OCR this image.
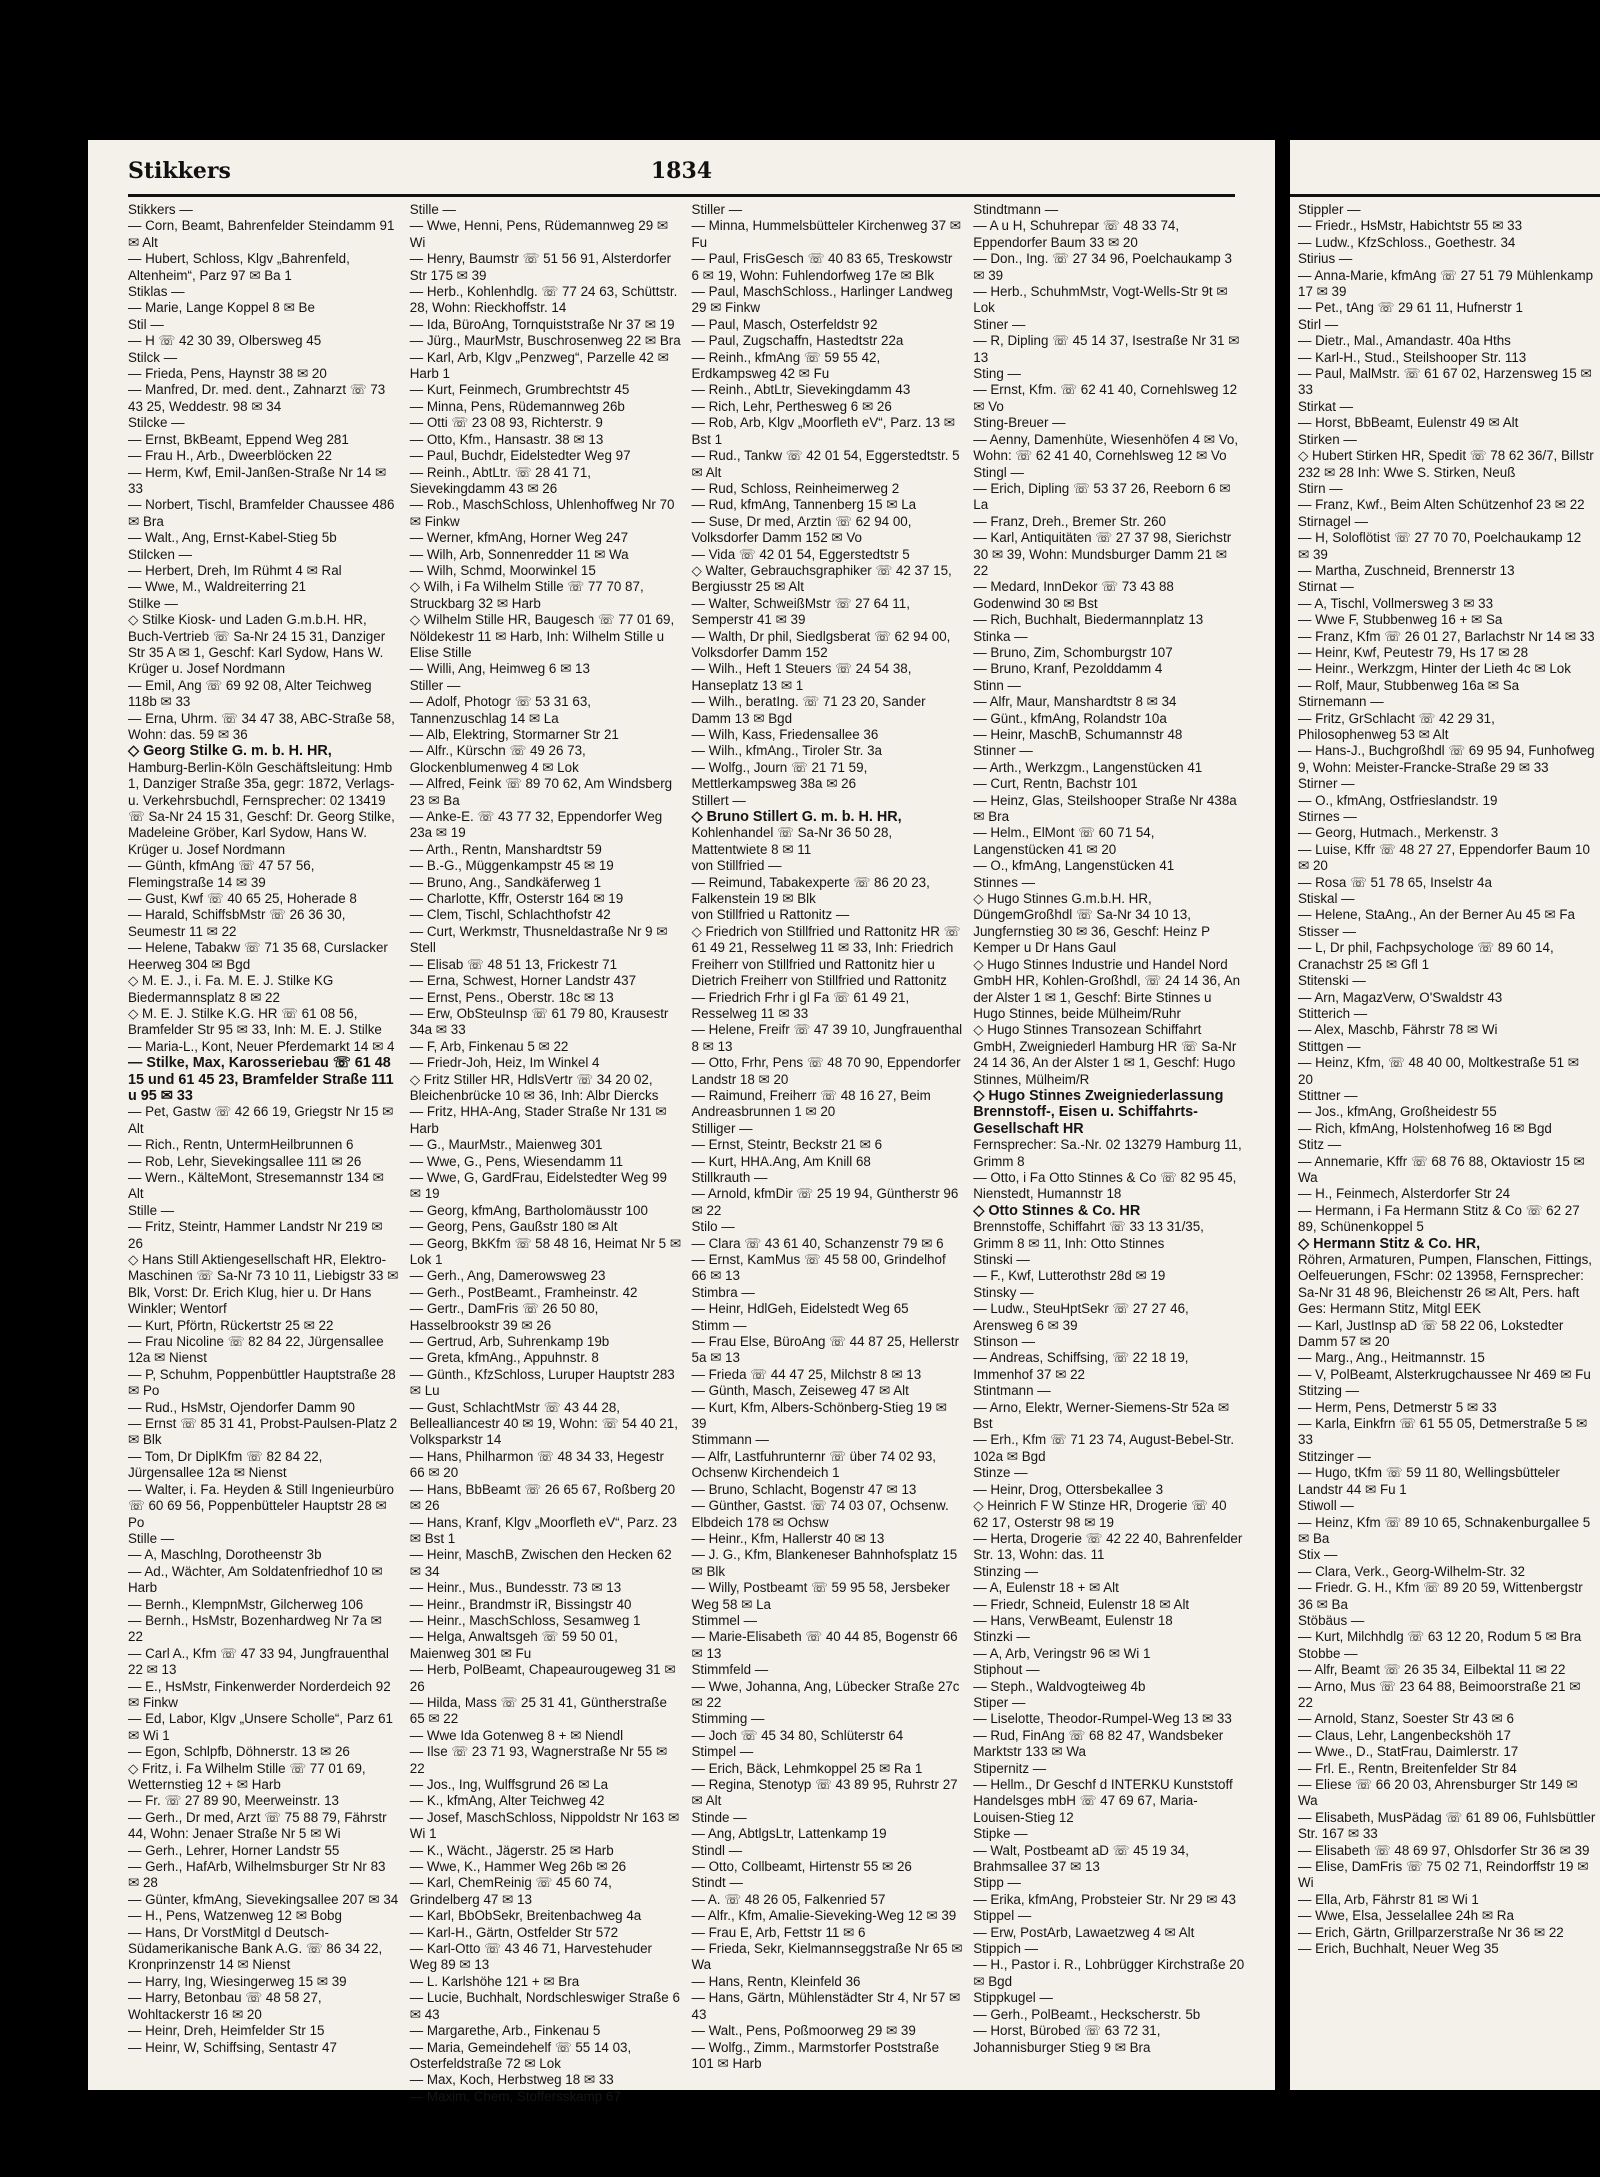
Stikkers	1834

Stikkers —

— Corn, Beamt, Bahrenfelder Steindamm 91 ✉ Alt

— Hubert, Schloss, Klgv „Bahrenfeld, Altenheim“, Parz 97 ✉ Ba 1

Stiklas —

— Marie, Lange Koppel 8 ✉ Be

Stil —

— H ☏ 42 30 39, Olbersweg 45

Stilck —

— Frieda, Pens, Haynstr 38 ✉ 20

— Manfred, Dr. med. dent., Zahnarzt ☏ 73 43 25, Weddestr. 98 ✉ 34

Stilcke —

— Ernst, BkBeamt, Eppend Weg 281

— Frau H., Arb., Dweerblöcken 22

— Herm, Kwf, Emil-Janßen-Straße Nr 14 ✉ 33

— Norbert, Tischl, Bramfelder Chaussee 486 ✉ Bra

— Walt., Ang, Ernst-Kabel-Stieg 5b

Stilcken —

— Herbert, Dreh, Im Rühmt 4 ✉ Ral

— Wwe, M., Waldreiterring 21

Stilke —

◇ Stilke Kiosk- und Laden G.m.b.H. HR, Buch-Vertrieb ☏ Sa-Nr 24 15 31, Danziger Str 35 A ✉ 1, Geschf: Karl Sydow, Hans W. Krüger u. Josef Nordmann

— Emil, Ang ☏ 69 92 08, Alter Teichweg 118b ✉ 33

— Erna, Uhrm. ☏ 34 47 38, ABC-Straße 58, Wohn: das. 59 ✉ 36

◇ Georg Stilke G. m. b. H. HR,

Hamburg-Berlin-Köln Geschäftsleitung: Hmb 1, Danziger Straße 35a, gegr: 1872, Verlags- u. Verkehrsbuchdl, Fernsprecher: 02 13419 ☏ Sa-Nr 24 15 31, Geschf: Dr. Georg Stilke, Madeleine Gröber, Karl Sydow, Hans W. Krüger u. Josef Nordmann

— Günth, kfmAng ☏ 47 57 56, Flemingstraße 14 ✉ 39

— Gust, Kwf ☏ 40 65 25, Hoherade 8

— Harald, SchiffsbMstr ☏ 26 36 30, Seumestr 11 ✉ 22

— Helene, Tabakw ☏ 71 35 68, Curslacker Heerweg 304 ✉ Bgd

◇ M. E. J., i. Fa. M. E. J. Stilke KG Biedermannsplatz 8 ✉ 22

◇ M. E. J. Stilke K.G. HR ☏ 61 08 56, Bramfelder Str 95 ✉ 33, Inh: M. E. J. Stilke

— Maria-L., Kont, Neuer Pferdemarkt 14 ✉ 4

— Stilke, Max, Karosseriebau ☏ 61 48 15 und 61 45 23, Bramfelder Straße 111 u 95 ✉ 33

— Pet, Gastw ☏ 42 66 19, Griegstr Nr 15 ✉ Alt

— Rich., Rentn, UntermHeilbrunnen 6

— Rob, Lehr, Sievekingsallee 111 ✉ 26

— Wern., KälteMont, Stresemannstr 134 ✉ Alt

Stille —

— Fritz, Steintr, Hammer Landstr Nr 219 ✉ 26

◇ Hans Still Aktiengesellschaft HR, Elektro-Maschinen ☏ Sa-Nr 73 10 11, Liebigstr 33 ✉ Blk, Vorst: Dr. Erich Klug, hier u. Dr Hans Winkler; Wentorf

— Kurt, Pförtn, Rückertstr 25 ✉ 22

— Frau Nicoline ☏ 82 84 22, Jürgensallee 12a ✉ Nienst

— P, Schuhm, Poppenbüttler Hauptstraße 28 ✉ Po

— Rud., HsMstr, Ojendorfer Damm 90

— Ernst ☏ 85 31 41, Probst-Paulsen-Platz 2 ✉ Blk

— Tom, Dr DiplKfm ☏ 82 84 22, Jürgensallee 12a ✉ Nienst

— Walter, i. Fa. Heyden & Still Ingenieurbüro ☏ 60 69 56, Poppenbütteler Hauptstr 28 ✉ Po

Stille —

— A, Maschlng, Dorotheenstr 3b

— Ad., Wächter, Am Soldatenfriedhof 10 ✉ Harb

— Bernh., KlempnMstr, Gilcherweg 106

— Bernh., HsMstr, Bozenhardweg Nr 7a ✉ 22

— Carl A., Kfm ☏ 47 33 94, Jungfrauenthal 22 ✉ 13

— E., HsMstr, Finkenwerder Norderdeich 92 ✉ Finkw

— Ed, Labor, Klgv „Unsere Scholle“, Parz 61 ✉ Wi 1

— Egon, Schlpfb, Döhnerstr. 13 ✉ 26

◇ Fritz, i. Fa Wilhelm Stille ☏ 77 01 69, Wetternstieg 12 + ✉ Harb

— Fr. ☏ 27 89 90, Meerweinstr. 13

— Gerh., Dr med, Arzt ☏ 75 88 79, Fährstr 44, Wohn: Jenaer Straße Nr 5 ✉ Wi

— Gerh., Lehrer, Horner Landstr 55

— Gerh., HafArb, Wilhelmsburger Str Nr 83 ✉ 28

— Günter, kfmAng, Sievekingsallee 207 ✉ 34

— H., Pens, Watzenweg 12 ✉ Bobg

— Hans, Dr VorstMitgl d Deutsch-Südamerikanische Bank A.G. ☏ 86 34 22, Kronprinzenstr 14 ✉ Nienst

— Harry, Ing, Wiesingerweg 15 ✉ 39

— Harry, Betonbau ☏ 48 58 27, Wohltackerstr 16 ✉ 20

— Heinr, Dreh, Heimfelder Str 15

— Heinr, W, Schiffsing, Sentastr 47

Stille —

— Wwe, Henni, Pens, Rüdemannweg 29 ✉ Wi

— Henry, Baumstr ☏ 51 56 91, Alsterdorfer Str 175 ✉ 39

— Herb., Kohlenhdlg. ☏ 77 24 63, Schüttstr. 28, Wohn: Rieckhoffstr. 14

— Ida, BüroAng, Tornquiststraße Nr 37 ✉ 19

— Jürg., MaurMstr, Buschrosenweg 22 ✉ Bra

— Karl, Arb, Klgv „Penzweg“, Parzelle 42 ✉ Harb 1

— Kurt, Feinmech, Grumbrechtstr 45

— Minna, Pens, Rüdemannweg 26b

— Otti ☏ 23 08 93, Richterstr. 9

— Otto, Kfm., Hansastr. 38 ✉ 13

— Paul, Buchdr, Eidelstedter Weg 97

— Reinh., AbtLtr. ☏ 28 41 71, Sievekingdamm 43 ✉ 26

— Rob., MaschSchloss, Uhlenhoffweg Nr 70 ✉ Finkw

— Werner, kfmAng, Horner Weg 247

— Wilh, Arb, Sonnenredder 11 ✉ Wa

— Wilh, Schmd, Moorwinkel 15

◇ Wilh, i Fa Wilhelm Stille ☏ 77 70 87, Struckbarg 32 ✉ Harb

◇ Wilhelm Stille HR, Baugesch ☏ 77 01 69, Nöldekestr 11 ✉ Harb, Inh: Wilhelm Stille u Elise Stille

— Willi, Ang, Heimweg 6 ✉ 13

Stiller —

— Adolf, Photogr ☏ 53 31 63, Tannenzuschlag 14 ✉ La

— Alb, Elektring, Stormarner Str 21

— Alfr., Kürschn ☏ 49 26 73, Glockenblumenweg 4 ✉ Lok

— Alfred, Feink ☏ 89 70 62, Am Windsberg 23 ✉ Ba

— Anke-E. ☏ 43 77 32, Eppendorfer Weg 23a ✉ 19

— Arth., Rentn, Manshardtstr 59

— B.-G., Müggenkampstr 45 ✉ 19

— Bruno, Ang., Sandkäferweg 1

— Charlotte, Kffr, Osterstr 164 ✉ 19

— Clem, Tischl, Schlachthofstr 42

— Curt, Werkmstr, Thusneldastraße Nr 9 ✉ Stell

— Elisab ☏ 48 51 13, Frickestr 71

— Erna, Schwest, Horner Landstr 437

— Ernst, Pens., Oberstr. 18c ✉ 13

— Erw, ObSteuInsp ☏ 61 79 80, Krausestr 34a ✉ 33

— F, Arb, Finkenau 5 ✉ 22

— Friedr-Joh, Heiz, Im Winkel 4

◇ Fritz Stiller HR, HdlsVertr ☏ 34 20 02, Bleichenbrücke 10 ✉ 36, Inh: Albr Diercks

— Fritz, HHA-Ang, Stader Straße Nr 131 ✉ Harb

— G., MaurMstr., Maienweg 301

— Wwe, G., Pens, Wiesendamm 11

— Wwe, G, GardFrau, Eidelstedter Weg 99 ✉ 19

— Georg, kfmAng, Bartholomäusstr 100

— Georg, Pens, Gaußstr 180 ✉ Alt

— Georg, BkKfm ☏ 58 48 16, Heimat Nr 5 ✉ Lok 1

— Gerh., Ang, Damerowsweg 23

— Gerh., PostBeamt., Framheinstr. 42

— Gertr., DamFris ☏ 26 50 80, Hasselbrookstr 39 ✉ 26

— Gertrud, Arb, Suhrenkamp 19b

— Greta, kfmAng., Appuhnstr. 8

— Günth., KfzSchloss, Luruper Hauptstr 283 ✉ Lu

— Gust, SchlachtMstr ☏ 43 44 28, Bellealliancestr 40 ✉ 19, Wohn: ☏ 54 40 21, Volksparkstr 14

— Hans, Philharmon ☏ 48 34 33, Hegestr 66 ✉ 20

— Hans, BbBeamt ☏ 26 65 67, Roßberg 20 ✉ 26

— Hans, Kranf, Klgv „Moorfleth eV“, Parz. 23 ✉ Bst 1

— Heinr, MaschB, Zwischen den Hecken 62 ✉ 34

— Heinr., Mus., Bundesstr. 73 ✉ 13

— Heinr., Brandmstr iR, Bissingstr 40

— Heinr., MaschSchloss, Sesamweg 1

— Helga, Anwaltsgeh ☏ 59 50 01, Maienweg 301 ✉ Fu

— Herb, PolBeamt, Chapeaurougeweg 31 ✉ 26

— Hilda, Mass ☏ 25 31 41, Güntherstraße 65 ✉ 22

— Wwe Ida Gotenweg 8 + ✉ Niendl

— Ilse ☏ 23 71 93, Wagnerstraße Nr 55 ✉ 22

— Jos., Ing, Wulffsgrund 26 ✉ La

— K., kfmAng, Alter Teichweg 42

— Josef, MaschSchloss, Nippoldstr Nr 163 ✉ Wi 1

— K., Wächt., Jägerstr. 25 ✉ Harb

— Wwe, K., Hammer Weg 26b ✉ 26

— Karl, ChemReinig ☏ 45 60 74, Grindelberg 47 ✉ 13

— Karl, BbObSekr, Breitenbachweg 4a

— Karl-H., Gärtn, Ostfelder Str 572

— Karl-Otto ☏ 43 46 71, Harvestehuder Weg 89 ✉ 13

— L. Karlshöhe 121 + ✉ Bra

— Lucie, Buchhalt, Nordschleswiger Straße 6 ✉ 43

— Margarethe, Arb., Finkenau 5

— Maria, Gemeindehelf ☏ 55 14 03, Osterfeldstraße 72 ✉ Lok

— Max, Koch, Herbstweg 18 ✉ 33

— Maxim, Chem, Stoffersskamp 67

Stiller —

— Minna, Hummelsbütteler Kirchenweg 37 ✉ Fu

— Paul, FrisGesch ☏ 40 83 65, Treskowstr 6 ✉ 19, Wohn: Fuhlendorfweg 17e ✉ Blk

— Paul, MaschSchloss., Harlinger Landweg 29 ✉ Finkw

— Paul, Masch, Osterfeldstr 92

— Paul, Zugschaffn, Hastedtstr 22a

— Reinh., kfmAng ☏ 59 55 42, Erdkampsweg 42 ✉ Fu

— Reinh., AbtLtr, Sievekingdamm 43

— Rich, Lehr, Perthesweg 6 ✉ 26

— Rob, Arb, Klgv „Moorfleth eV“, Parz. 13 ✉ Bst 1

— Rud., Tankw ☏ 42 01 54, Eggerstedtstr. 5 ✉ Alt

— Rud, Schloss, Reinheimerweg 2

— Rud, kfmAng, Tannenberg 15 ✉ La

— Suse, Dr med, Arztin ☏ 62 94 00, Volksdorfer Damm 152 ✉ Vo

— Vida ☏ 42 01 54, Eggerstedtstr 5

◇ Walter, Gebrauchsgraphiker ☏ 42 37 15, Bergiusstr 25 ✉ Alt

— Walter, SchweißMstr ☏ 27 64 11, Semperstr 41 ✉ 39

— Walth, Dr phil, Siedlgsberat ☏ 62 94 00, Volksdorfer Damm 152

— Wilh., Heft 1 Steuers ☏ 24 54 38, Hanseplatz 13 ✉ 1

— Wilh., beratIng. ☏ 71 23 20, Sander Damm 13 ✉ Bgd

— Wilh, Kass, Friedensallee 36

— Wilh., kfmAng., Tiroler Str. 3a

— Wolfg., Journ ☏ 21 71 59, Mettlerkampsweg 38a ✉ 26

Stillert —

◇ Bruno Stillert G. m. b. H. HR,

Kohlenhandel ☏ Sa-Nr 36 50 28, Mattentwiete 8 ✉ 11

von Stillfried —

— Reimund, Tabakexperte ☏ 86 20 23, Falkenstein 19 ✉ Blk

von Stillfried u Rattonitz —

◇ Friedrich von Stillfried und Rattonitz HR ☏ 61 49 21, Resselweg 11 ✉ 33, Inh: Friedrich Freiherr von Stillfried und Rattonitz hier u Dietrich Freiherr von Stillfried und Rattonitz

— Friedrich Frhr i gl Fa ☏ 61 49 21, Resselweg 11 ✉ 33

— Helene, Freifr ☏ 47 39 10, Jungfrauenthal 8 ✉ 13

— Otto, Frhr, Pens ☏ 48 70 90, Eppendorfer Landstr 18 ✉ 20

— Raimund, Freiherr ☏ 48 16 27, Beim Andreasbrunnen 1 ✉ 20

Stilliger —

— Ernst, Steintr, Beckstr 21 ✉ 6

— Kurt, HHA.Ang, Am Knill 68

Stillkrauth —

— Arnold, kfmDir ☏ 25 19 94, Güntherstr 96 ✉ 22

Stilo —

— Clara ☏ 43 61 40, Schanzenstr 79 ✉ 6

— Ernst, KamMus ☏ 45 58 00, Grindelhof 66 ✉ 13

Stimbra —

— Heinr, HdlGeh, Eidelstedt Weg 65

Stimm —

— Frau Else, BüroAng ☏ 44 87 25, Hellerstr 5a ✉ 13

— Frieda ☏ 44 47 25, Milchstr 8 ✉ 13

— Günth, Masch, Zeiseweg 47 ✉ Alt

— Kurt, Kfm, Albers-Schönberg-Stieg 19 ✉ 39

Stimmann —

— Alfr, Lastfuhrunternr ☏ über 74 02 93, Ochsenw Kirchendeich 1

— Bruno, Schlacht, Bogenstr 47 ✉ 13

— Günther, Gastst. ☏ 74 03 07, Ochsenw. Elbdeich 178 ✉ Ochsw

— Heinr., Kfm, Hallerstr 40 ✉ 13

— J. G., Kfm, Blankeneser Bahnhofsplatz 15 ✉ Blk

— Willy, Postbeamt ☏ 59 95 58, Jersbeker Weg 58 ✉ La

Stimmel —

— Marie-Elisabeth ☏ 40 44 85, Bogenstr 66 ✉ 13

Stimmfeld —

— Wwe, Johanna, Ang, Lübecker Straße 27c ✉ 22

Stimming —

— Joch ☏ 45 34 80, Schlüterstr 64

Stimpel —

— Erich, Bäck, Lehmkoppel 25 ✉ Ra 1

— Regina, Stenotyp ☏ 43 89 95, Ruhrstr 27 ✉ Alt

Stinde —

— Ang, AbtlgsLtr, Lattenkamp 19

Stindl —

— Otto, Collbeamt, Hirtenstr 55 ✉ 26

Stindt —

— A. ☏ 48 26 05, Falkenried 57

— Alfr., Kfm, Amalie-Sieveking-Weg 12 ✉ 39

— Frau E, Arb, Fettstr 11 ✉ 6

— Frieda, Sekr, Kielmannseggstraße Nr 65 ✉ Wa

— Hans, Rentn, Kleinfeld 36

— Hans, Gärtn, Mühlenstädter Str 4, Nr 57 ✉ 43

— Walt., Pens, Poßmoorweg 29 ✉ 39

— Wolfg., Zimm., Marmstorfer Poststraße 101 ✉ Harb

Stindtmann —

— A u H, Schuhrepar ☏ 48 33 74, Eppendorfer Baum 33 ✉ 20

— Don., Ing. ☏ 27 34 96, Poelchaukamp 3 ✉ 39

— Herb., SchuhmMstr, Vogt-Wells-Str 9t ✉ Lok

Stiner —

— R, Dipling ☏ 45 14 37, Isestraße Nr 31 ✉ 13

Sting —

— Ernst, Kfm. ☏ 62 41 40, Cornehlsweg 12 ✉ Vo

Sting-Breuer —

— Aenny, Damenhüte, Wiesenhöfen 4 ✉ Vo, Wohn: ☏ 62 41 40, Cornehlsweg 12 ✉ Vo

Stingl —

— Erich, Dipling ☏ 53 37 26, Reeborn 6 ✉ La

— Franz, Dreh., Bremer Str. 260

— Karl, Antiquitäten ☏ 27 37 98, Sierichstr 30 ✉ 39, Wohn: Mundsburger Damm 21 ✉ 22

— Medard, InnDekor ☏ 73 43 88 Godenwind 30 ✉ Bst

— Rich, Buchhalt, Biedermannplatz 13

Stinka —

— Bruno, Zim, Schomburgstr 107

— Bruno, Kranf, Pezolddamm 4

Stinn —

— Alfr, Maur, Manshardtstr 8 ✉ 34

— Günt., kfmAng, Rolandstr 10a

— Heinr, MaschB, Schumannstr 48

Stinner —

— Arth., Werkzgm., Langenstücken 41

— Curt, Rentn, Bachstr 101

— Heinz, Glas, Steilshooper Straße Nr 438a ✉ Bra

— Helm., ElMont ☏ 60 71 54, Langenstücken 41 ✉ 20

— O., kfmAng, Langenstücken 41

Stinnes —

◇ Hugo Stinnes G.m.b.H. HR, DüngemGroßhdl ☏ Sa-Nr 34 10 13, Jungfernstieg 30 ✉ 36, Geschf: Heinz P Kemper u Dr Hans Gaul

◇ Hugo Stinnes Industrie und Handel Nord GmbH HR, Kohlen-Großhdl, ☏ 24 14 36, An der Alster 1 ✉ 1, Geschf: Birte Stinnes u Hugo Stinnes, beide Mülheim/Ruhr

◇ Hugo Stinnes Transozean Schiffahrt GmbH, Zweigniederl Hamburg HR ☏ Sa-Nr 24 14 36, An der Alster 1 ✉ 1, Geschf: Hugo Stinnes, Mülheim/R

◇ Hugo Stinnes Zweigniederlassung Brennstoff-, Eisen u. Schiffahrts-Gesellschaft HR

Fernsprecher: Sa.-Nr. 02 13279 Hamburg 11, Grimm 8

— Otto, i Fa Otto Stinnes & Co ☏ 82 95 45, Nienstedt, Humannstr 18

◇ Otto Stinnes & Co. HR

Brennstoffe, Schiffahrt ☏ 33 13 31/35, Grimm 8 ✉ 11, Inh: Otto Stinnes

Stinski —

— F., Kwf, Lutterothstr 28d ✉ 19

Stinsky —

— Ludw., SteuHptSekr ☏ 27 27 46, Arensweg 6 ✉ 39

Stinson —

— Andreas, Schiffsing, ☏ 22 18 19, Immenhof 37 ✉ 22

Stintmann —

— Arno, Elektr, Werner-Siemens-Str 52a ✉ Bst

— Erh., Kfm ☏ 71 23 74, August-Bebel-Str. 102a ✉ Bgd

Stinze —

— Heinr, Drog, Ottersbekallee 3

◇ Heinrich F W Stinze HR, Drogerie ☏ 40 62 17, Osterstr 98 ✉ 19

— Herta, Drogerie ☏ 42 22 40, Bahrenfelder Str. 13, Wohn: das. 11

Stinzing —

— A, Eulenstr 18 + ✉ Alt

— Friedr, Schneid, Eulenstr 18 ✉ Alt

— Hans, VerwBeamt, Eulenstr 18

Stinzki —

— A, Arb, Veringstr 96 ✉ Wi 1

Stiphout —

— Steph., Waldvogteiweg 4b

Stiper —

— Liselotte, Theodor-Rumpel-Weg 13 ✉ 33

— Rud, FinAng ☏ 68 82 47, Wandsbeker Marktstr 133 ✉ Wa

Stipernitz —

— Hellm., Dr Geschf d INTERKU Kunststoff Handelsges mbH ☏ 47 69 67, Maria-Louisen-Stieg 12

Stipke —

— Walt, Postbeamt aD ☏ 45 19 34, Brahmsallee 37 ✉ 13

Stipp —

— Erika, kfmAng, Probsteier Str. Nr 29 ✉ 43

Stippel —

— Erw, PostArb, Lawaetzweg 4 ✉ Alt

Stippich —

— H., Pastor i. R., Lohbrügger Kirchstraße 20 ✉ Bgd

Stippkugel —

— Gerh., PolBeamt., Heckscherstr. 5b

— Horst, Bürobed ☏ 63 72 31, Johannisburger Stieg 9 ✉ Bra

Stippler —

— Friedr., HsMstr, Habichtstr 55 ✉ 33

— Ludw., KfzSchloss., Goethestr. 34

Stirius —

— Anna-Marie, kfmAng ☏ 27 51 79 Mühlenkamp 17 ✉ 39

— Pet., tAng ☏ 29 61 11, Hufnerstr 1

Stirl —

— Dietr., Mal., Amandastr. 40a Hths

— Karl-H., Stud., Steilshooper Str. 113

— Paul, MalMstr. ☏ 61 67 02, Harzensweg 15 ✉ 33

Stirkat —

— Horst, BbBeamt, Eulenstr 49 ✉ Alt

Stirken —

◇ Hubert Stirken HR, Spedit ☏ 78 62 36/7, Billstr 232 ✉ 28 Inh: Wwe S. Stirken, Neuß

Stirn —

— Franz, Kwf., Beim Alten Schützenhof 23 ✉ 22

Stirnagel —

— H, Soloflötist ☏ 27 70 70, Poelchaukamp 12 ✉ 39

— Martha, Zuschneid, Brennerstr 13

Stirnat —

— A, Tischl, Vollmersweg 3 ✉ 33

— Wwe F, Stubbenweg 16 + ✉ Sa

— Franz, Kfm ☏ 26 01 27, Barlachstr Nr 14 ✉ 33

— Heinr, Kwf, Peutestr 79, Hs 17 ✉ 28

— Heinr., Werkzgm, Hinter der Lieth 4c ✉ Lok

— Rolf, Maur, Stubbenweg 16a ✉ Sa

Stirnemann —

— Fritz, GrSchlacht ☏ 42 29 31, Philosophenweg 53 ✉ Alt

— Hans-J., Buchgroßhdl ☏ 69 95 94, Funhofweg 9, Wohn: Meister-Francke-Straße 29 ✉ 33

Stirner —

— O., kfmAng, Ostfrieslandstr. 19

Stirnes —

— Georg, Hutmach., Merkenstr. 3

— Luise, Kffr ☏ 48 27 27, Eppendorfer Baum 10 ✉ 20

— Rosa ☏ 51 78 65, Inselstr 4a

Stiskal —

— Helene, StaAng., An der Berner Au 45 ✉ Fa

Stisser —

— L, Dr phil, Fachpsychologe ☏ 89 60 14, Cranachstr 25 ✉ Gfl 1

Stitenski —

— Arn, MagazVerw, O'Swaldstr 43

Stitterich —

— Alex, Maschb, Fährstr 78 ✉ Wi

Stittgen —

— Heinz, Kfm, ☏ 48 40 00, Moltkestraße 51 ✉ 20

Stittner —

— Jos., kfmAng, Großheidestr 55

— Rich, kfmAng, Holstenhofweg 16 ✉ Bgd

Stitz —

— Annemarie, Kffr ☏ 68 76 88, Oktaviostr 15 ✉ Wa

— H., Feinmech, Alsterdorfer Str 24

— Hermann, i Fa Hermann Stitz & Co ☏ 62 27 89, Schünenkoppel 5

◇ Hermann Stitz & Co. HR,

Röhren, Armaturen, Pumpen, Flanschen, Fittings, Oelfeuerungen, FSchr: 02 13958, Fernsprecher: Sa-Nr 31 48 96, Bleichenstr 26 ✉ Alt, Pers. haft Ges: Hermann Stitz, Mitgl EEK

— Karl, JustInsp aD ☏ 58 22 06, Lokstedter Damm 57 ✉ 20

— Marg., Ang., Heitmannstr. 15

— V, PolBeamt, Alsterkrugchaussee Nr 469 ✉ Fu

Stitzing —

— Herm, Pens, Detmerstr 5 ✉ 33

— Karla, Einkfrn ☏ 61 55 05, Detmerstraße 5 ✉ 33

Stitzinger —

— Hugo, tKfm ☏ 59 11 80, Wellingsbütteler Landstr 44 ✉ Fu 1

Stiwoll —

— Heinz, Kfm ☏ 89 10 65, Schnakenburgallee 5 ✉ Ba

Stix —

— Clara, Verk., Georg-Wilhelm-Str. 32

— Friedr. G. H., Kfm ☏ 89 20 59, Wittenbergstr 36 ✉ Ba

Stöbäus —

— Kurt, Milchhdlg ☏ 63 12 20, Rodum 5 ✉ Bra

Stobbe —

— Alfr, Beamt ☏ 26 35 34, Eilbektal 11 ✉ 22

— Arno, Mus ☏ 23 64 88, Beimoorstraße 21 ✉ 22

— Arnold, Stanz, Soester Str 43 ✉ 6

— Claus, Lehr, Langenbeckshöh 17

— Wwe., D., StatFrau, Daimlerstr. 17

— Frl. E., Rentn, Breitenfelder Str 84

— Eliese ☏ 66 20 03, Ahrensburger Str 149 ✉ Wa

— Elisabeth, MusPädag ☏ 61 89 06, Fuhlsbüttler Str. 167 ✉ 33

— Elisabeth ☏ 48 69 97, Ohlsdorfer Str 36 ✉ 39

— Elise, DamFris ☏ 75 02 71, Reindorffstr 19 ✉ Wi

— Ella, Arb, Fährstr 81 ✉ Wi 1

— Wwe, Elsa, Jesselallee 24h ✉ Ra

— Erich, Gärtn, Grillparzerstraße Nr 36 ✉ 22

— Erich, Buchhalt, Neuer Weg 35
